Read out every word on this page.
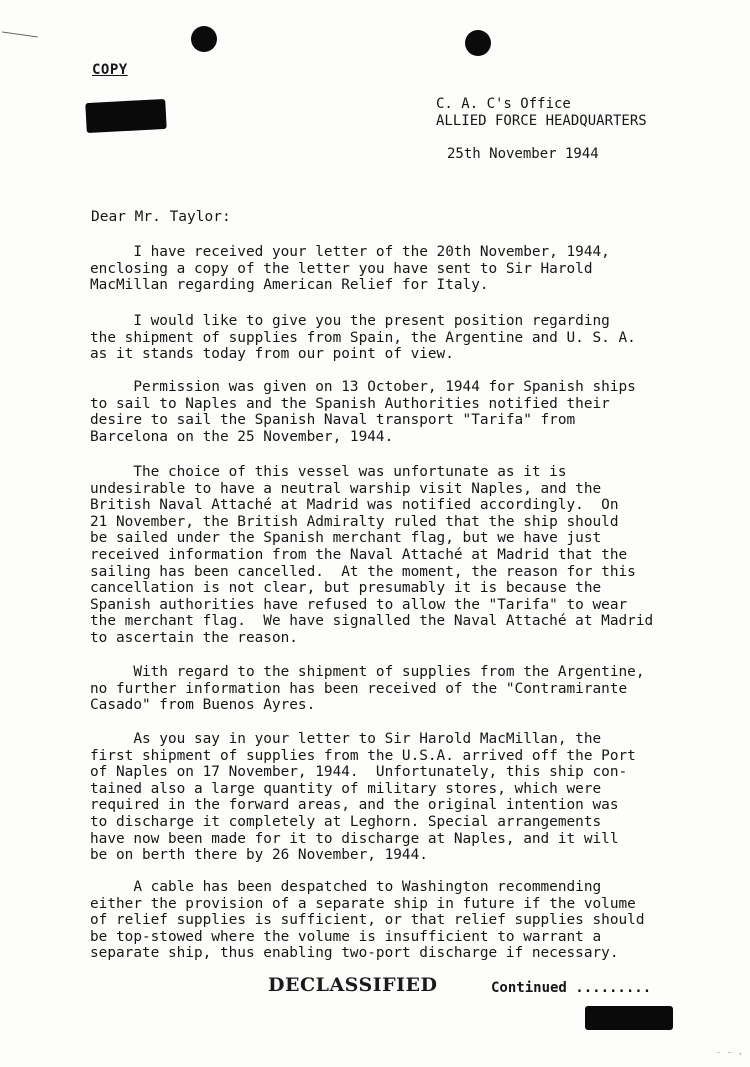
COPY
C. A. C's Office
ALLIED FORCE HEADQUARTERS
25th November 1944
Dear Mr. Taylor:
I have received your letter of the 20th November, 1944,
enclosing a copy of the letter you have sent to Sir Harold
MacMillan regarding American Relief for Italy.
I would like to give you the present position regarding
the shipment of supplies from Spain, the Argentine and U. S. A.
as it stands today from our point of view.
Permission was given on 13 October, 1944 for Spanish ships
to sail to Naples and the Spanish Authorities notified their
desire to sail the Spanish Naval transport "Tarifa" from
Barcelona on the 25 November, 1944.
The choice of this vessel was unfortunate as it is
undesirable to have a neutral warship visit Naples, and the
British Naval Attaché at Madrid was notified accordingly.  On
21 November, the British Admiralty ruled that the ship should
be sailed under the Spanish merchant flag, but we have just
received information from the Naval Attaché at Madrid that the
sailing has been cancelled.  At the moment, the reason for this
cancellation is not clear, but presumably it is because the
Spanish authorities have refused to allow the "Tarifa" to wear
the merchant flag.  We have signalled the Naval Attaché at Madrid
to ascertain the reason.
With regard to the shipment of supplies from the Argentine,
no further information has been received of the "Contramirante
Casado" from Buenos Ayres.
As you say in your letter to Sir Harold MacMillan, the
first shipment of supplies from the U.S.A. arrived off the Port
of Naples on 17 November, 1944.  Unfortunately, this ship con-
tained also a large quantity of military stores, which were
required in the forward areas, and the original intention was
to discharge it completely at Leghorn. Special arrangements
have now been made for it to discharge at Naples, and it will
be on berth there by 26 November, 1944.
A cable has been despatched to Washington recommending
either the provision of a separate ship in future if the volume
of relief supplies is sufficient, or that relief supplies should
be top-stowed where the volume is insufficient to warrant a
separate ship, thus enabling two-port discharge if necessary.
DECLASSIFIED	Continued .........
⁻ ⁻ ·
